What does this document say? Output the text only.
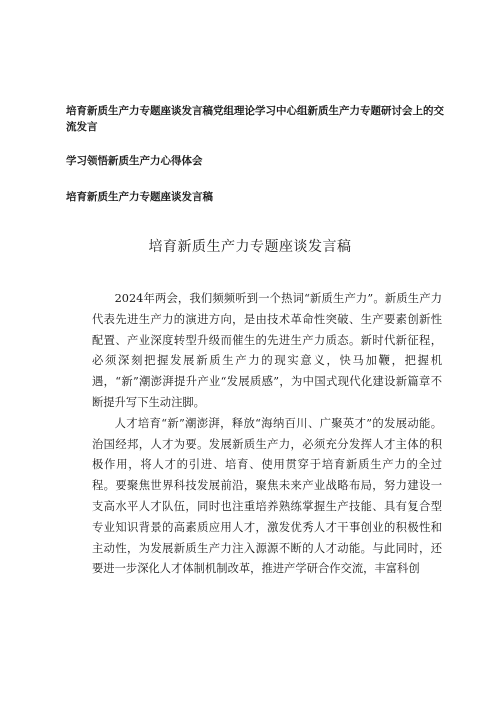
培育新质生产力专题座谈发言稿党组理论学习中心组新质生产力专题研讨会上的交流发言
学习领悟新质生产力心得体会
培育新质生产力专题座谈发言稿
培育新质生产力专题座谈发言稿

2024年两会，我们频频听到一个热词“新质生产力”。新质生产力代表先进生产力的演进方向，是由技术革命性突破、生产要素创新性配置、产业深度转型升级而催生的先进生产力质态。新时代新征程，必须深刻把握发展新质生产力的现实意义，快马加鞭，把握机遇，“新”潮澎湃提升产业“发展质感”，为中国式现代化建设新篇章不断提升写下生动注脚。

人才培育“新”潮澎湃，释放“海纳百川、广聚英才”的发展动能。治国经邦，人才为要。发展新质生产力，必须充分发挥人才主体的积极作用，将人才的引进、培育、使用贯穿于培育新质生产力的全过程。要聚焦世界科技发展前沿，聚焦未来产业战略布局，努力建设一支高水平人才队伍，同时也注重培养熟练掌握生产技能、具有复合型专业知识背景的高素质应用人才，激发优秀人才干事创业的积极性和主动性，为发展新质生产力注入源源不断的人才动能。与此同时，还要进一步深化人才体制机制改革，推进产学研合作交流，丰富科创
